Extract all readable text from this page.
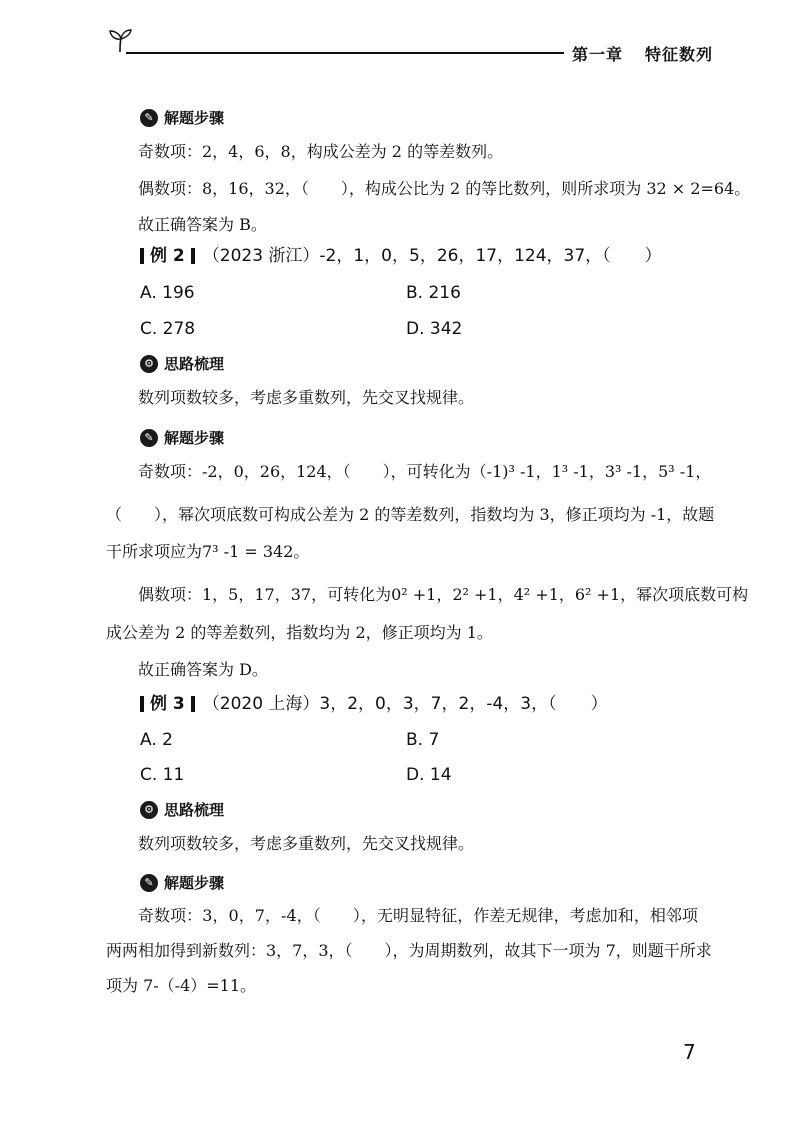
第一章 特征数列
✎ 解题步骤
奇数项：2，4，6，8，构成公差为 2 的等差数列。
偶数项：8，16，32，（　　），构成公比为 2 的等比数列，则所求项为 32 × 2=64。
故正确答案为 B。
例 2 （2023 浙江）-2，1，0，5，26，17，124，37，（　　）
A. 196	B. 216
C. 278	D. 342
⚙ 思路梳理
数列项数较多，考虑多重数列，先交叉找规律。
✎ 解题步骤
奇数项：-2，0，26，124，（　　），可转化为（-1)³ -1，1³ -1，3³ -1，5³ -1，
（　　），幂次项底数可构成公差为 2 的等差数列，指数均为 3，修正项均为 -1，故题
干所求项应为7³ -1 = 342。
偶数项：1，5，17，37，可转化为0² +1，2² +1，4² +1，6² +1，幂次项底数可构
成公差为 2 的等差数列，指数均为 2，修正项均为 1。
故正确答案为 D。
例 3 （2020 上海）3，2，0，3，7，2，-4，3，（　　）
A. 2	B. 7
C. 11	D. 14
⚙ 思路梳理
数列项数较多，考虑多重数列，先交叉找规律。
✎ 解题步骤
奇数项：3，0，7，-4，（　　），无明显特征，作差无规律，考虑加和，相邻项
两两相加得到新数列：3，7，3，（　　），为周期数列，故其下一项为 7，则题干所求
项为 7-（-4）=11。
7
